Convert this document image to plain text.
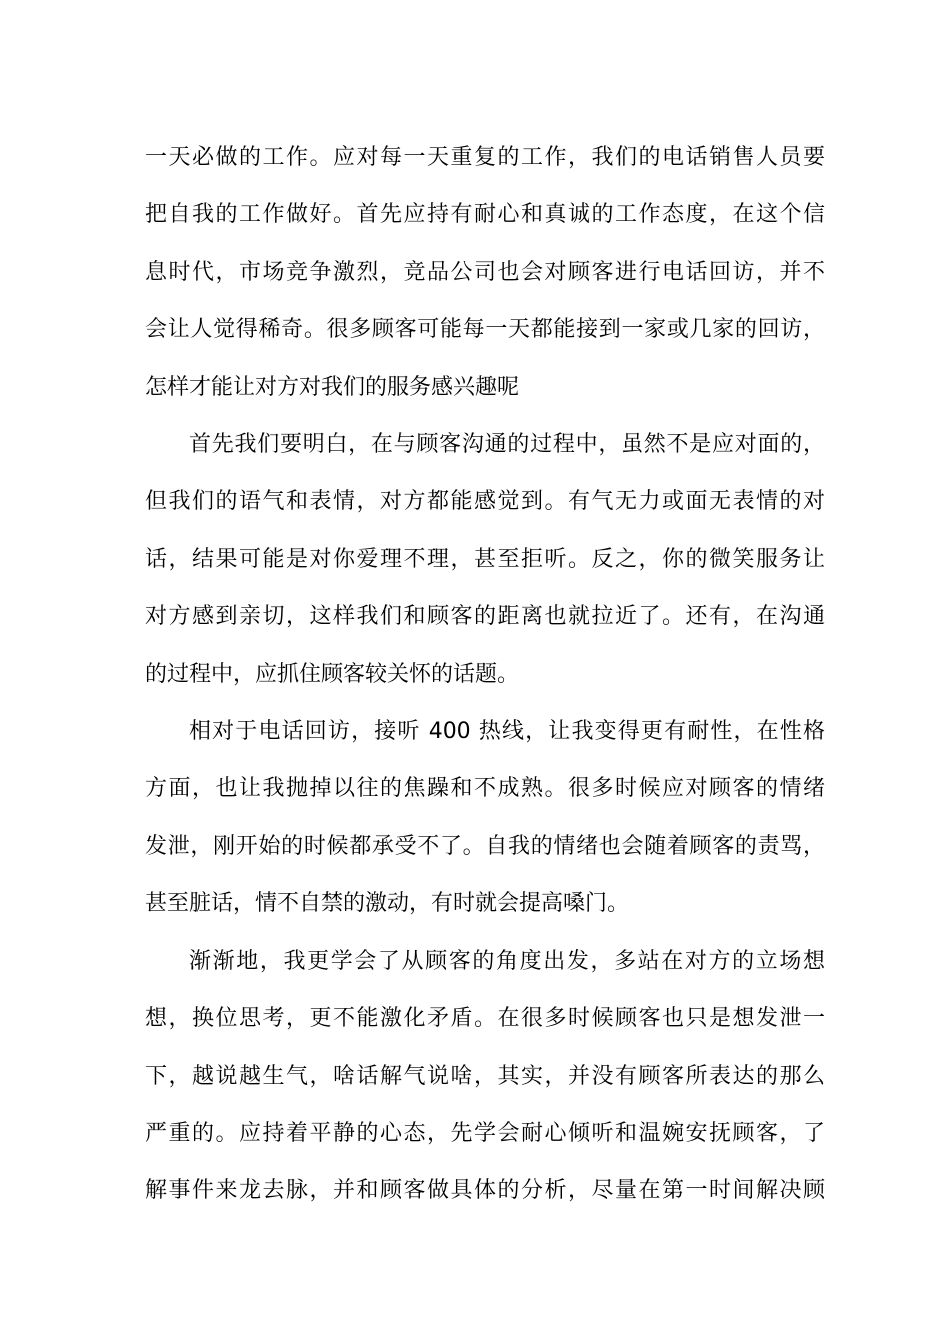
一天必做的工作。应对每一天重复的工作，我们的电话销售人员要
把自我的工作做好。首先应持有耐心和真诚的工作态度，在这个信
息时代，市场竞争激烈，竞品公司也会对顾客进行电话回访，并不
会让人觉得稀奇。很多顾客可能每一天都能接到一家或几家的回访，
怎样才能让对方对我们的服务感兴趣呢
首先我们要明白，在与顾客沟通的过程中，虽然不是应对面的，
但我们的语气和表情，对方都能感觉到。有气无力或面无表情的对
话，结果可能是对你爱理不理，甚至拒听。反之，你的微笑服务让
对方感到亲切，这样我们和顾客的距离也就拉近了。还有，在沟通
的过程中，应抓住顾客较关怀的话题。
相对于电话回访，接听 400 热线，让我变得更有耐性，在性格
方面，也让我抛掉以往的焦躁和不成熟。很多时候应对顾客的情绪
发泄，刚开始的时候都承受不了。自我的情绪也会随着顾客的责骂，
甚至脏话，情不自禁的激动，有时就会提高嗓门。
渐渐地，我更学会了从顾客的角度出发，多站在对方的立场想
想，换位思考，更不能激化矛盾。在很多时候顾客也只是想发泄一
下，越说越生气，啥话解气说啥，其实，并没有顾客所表达的那么
严重的。应持着平静的心态，先学会耐心倾听和温婉安抚顾客，了
解事件来龙去脉，并和顾客做具体的分析，尽量在第一时间解决顾
